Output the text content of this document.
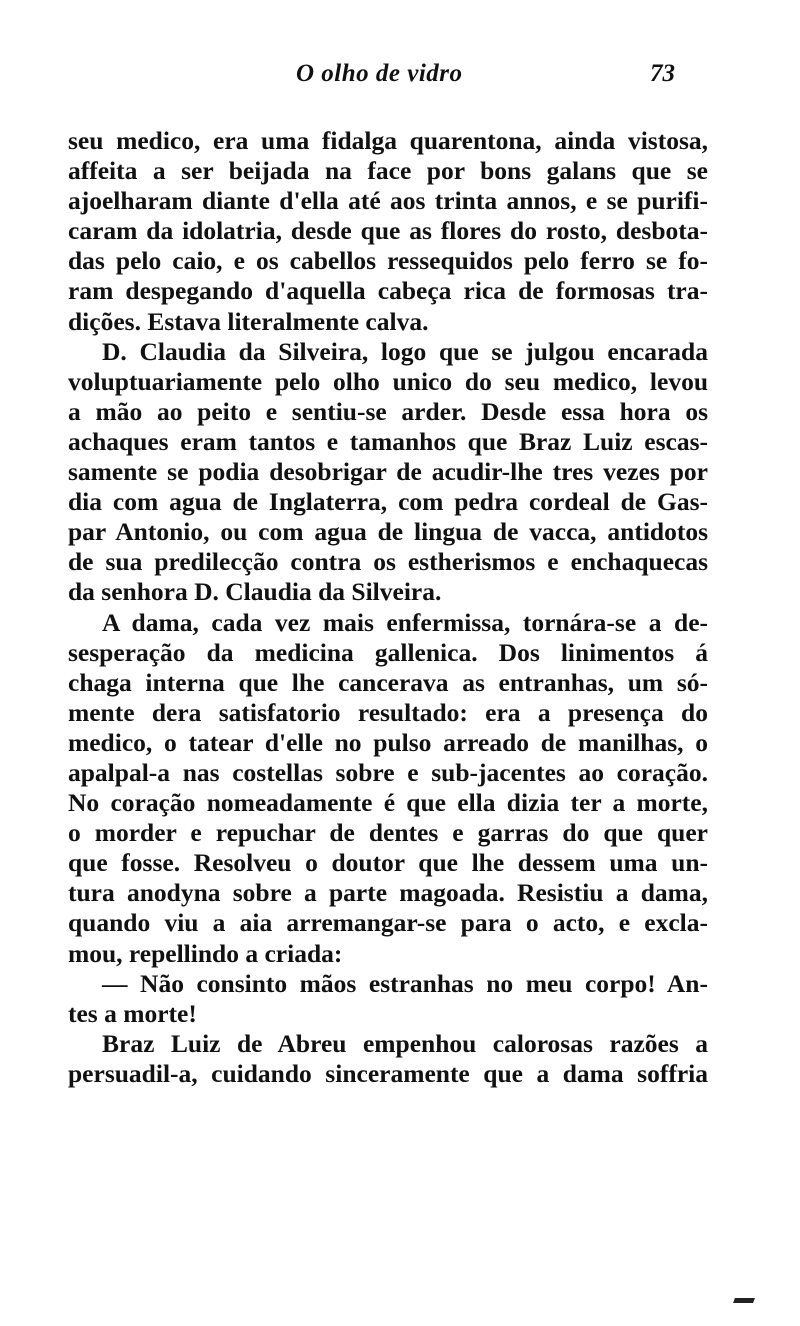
O olho de vidro	73
seu medico, era uma fidalga quarentona, ainda vistosa,
affeita a ser beijada na face por bons galans que se
ajoelharam diante d'ella até aos trinta annos, e se purifi-
caram da idolatria, desde que as flores do rosto, desbota-
das pelo caio, e os cabellos ressequidos pelo ferro se fo-
ram despegando d'aquella cabeça rica de formosas tra-
dições. Estava literalmente calva.
D. Claudia da Silveira, logo que se julgou encarada
voluptuariamente pelo olho unico do seu medico, levou
a mão ao peito e sentiu-se arder. Desde essa hora os
achaques eram tantos e tamanhos que Braz Luiz escas-
samente se podia desobrigar de acudir-lhe tres vezes por
dia com agua de Inglaterra, com pedra cordeal de Gas-
par Antonio, ou com agua de lingua de vacca, antidotos
de sua predilecção contra os estherismos e enchaquecas
da senhora D. Claudia da Silveira.
A dama, cada vez mais enfermissa, tornára-se a de-
sesperação da medicina gallenica. Dos linimentos á
chaga interna que lhe cancerava as entranhas, um só-
mente dera satisfatorio resultado: era a presença do
medico, o tatear d'elle no pulso arreado de manilhas, o
apalpal-a nas costellas sobre e sub-jacentes ao coração.
No coração nomeadamente é que ella dizia ter a morte,
o morder e repuchar de dentes e garras do que quer
que fosse. Resolveu o doutor que lhe dessem uma un-
tura anodyna sobre a parte magoada. Resistiu a dama,
quando viu a aia arremangar-se para o acto, e excla-
mou, repellindo a criada:
— Não consinto mãos estranhas no meu corpo! An-
tes a morte!
Braz Luiz de Abreu empenhou calorosas razões a
persuadil-a, cuidando sinceramente que a dama soffria
